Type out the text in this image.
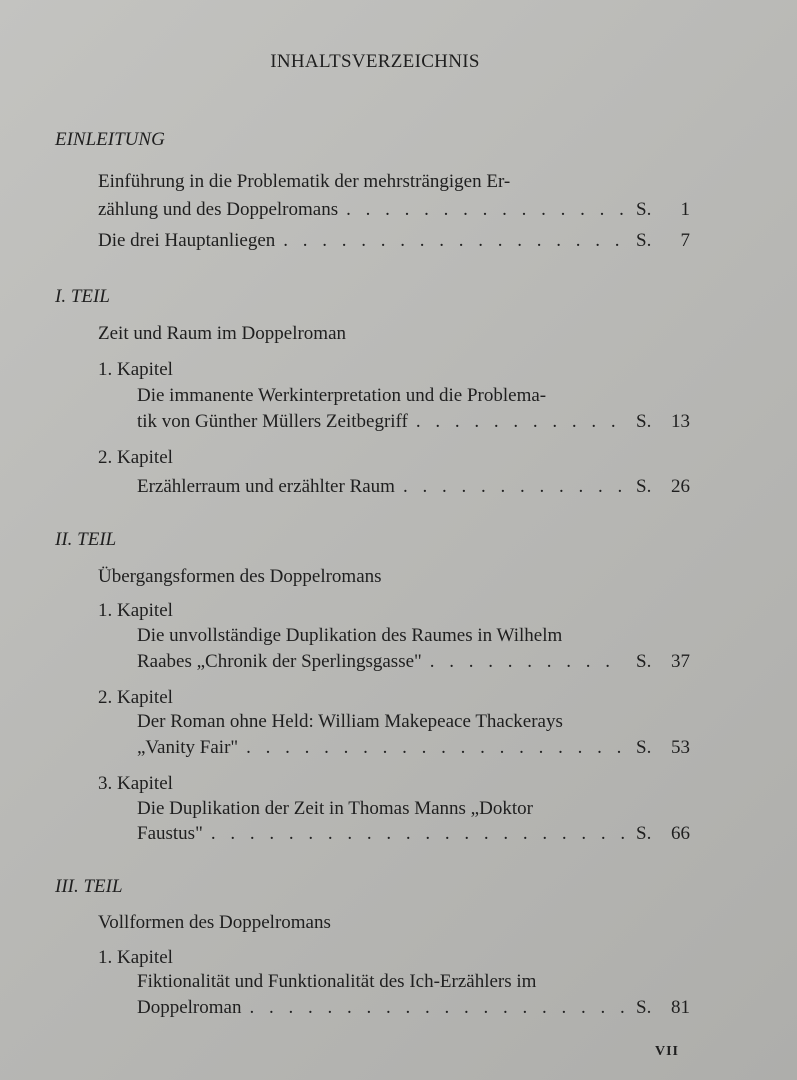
INHALTSVERZEICHNIS
EINLEITUNG
Einführung in die Problematik der mehrsträngigen Er-
zählung und des Doppelromans . . .	S.	1
Die drei Hauptanliegen . . .	S.	7
I. TEIL
Zeit und Raum im Doppelroman
1. Kapitel
Die immanente Werkinterpretation und die Problema-
tik von Günther Müllers Zeitbegriff . . .	S.	13
2. Kapitel
Erzählerraum und erzählter Raum . . .	S.	26
II. TEIL
Übergangsformen des Doppelromans
1. Kapitel
Die unvollständige Duplikation des Raumes in Wilhelm
Raabes „Chronik der Sperlingsgasse" . . .	S.	37
2. Kapitel
Der Roman ohne Held: William Makepeace Thackerays
„Vanity Fair" . . .	S.	53
3. Kapitel
Die Duplikation der Zeit in Thomas Manns „Doktor
Faustus" . . .	S.	66
III. TEIL
Vollformen des Doppelromans
1. Kapitel
Fiktionalität und Funktionalität des Ich-Erzählers im
Doppelroman . . .	S.	81
VII
